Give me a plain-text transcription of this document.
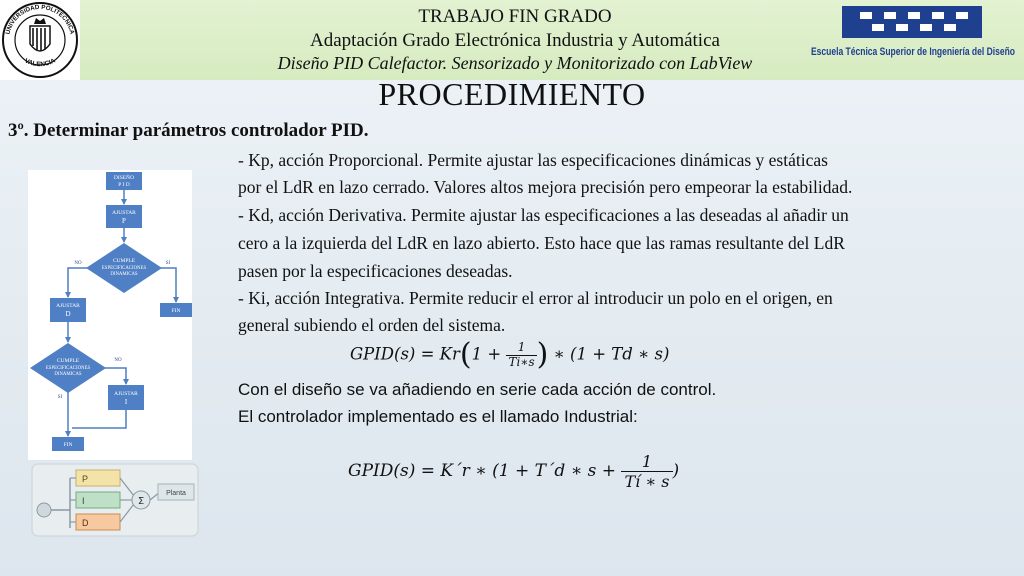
UNIVERSIDAD POLITECNICA
VALENCIA
TRABAJO FIN GRADO
Adaptación Grado Electrónica Industria y Automática
Diseño PID Calefactor. Sensorizado y Monitorizado con LabView
Escuela Técnica Superior de Ingeniería del Diseño
PROCEDIMIENTO
3º. Determinar parámetros controlador PID.
- Kp, acción Proporcional. Permite ajustar las especificaciones dinámicas y estáticas
por el LdR en lazo cerrado. Valores altos mejora precisión pero empeorar la estabilidad.
- Kd, acción Derivativa. Permite ajustar las especificaciones a las deseadas al añadir un
cero a la izquierda del LdR en lazo abierto. Esto hace que las ramas resultante del LdR
pasen por la especificaciones deseadas.
- Ki, acción Integrativa. Permite reducir el error al introducir un polo en el origen, en
general subiendo el orden del sistema.
𝐺𝑃𝐼𝐷(𝑠) = 𝐾𝑟(1 + $\frac{1}{\text{𝑇𝑖∗𝑠}}$ ) ∗ (1 + 𝑇𝑑 ∗ 𝑠)
Con el diseño se va añadiendo en serie cada acción de control.
El controlador implementado es el llamado Industrial:
𝐺𝑃𝐼𝐷(𝑠) = 𝐾´𝑟 ∗ (1 + 𝑇´𝑑 ∗ 𝑠 + $\frac{1}{\text{𝑇í ∗ 𝑠}}$ )
DISEÑO
P I D
AJUSTAR
P
CUMPLE
ESPECIFICACIONES
DINAMICAS
NO	SI
AJUSTAR
D	FIN
CUMPLE
ESPECIFICACIONES
DINAMICAS
NO
SI
AJUSTAR
I
FIN
P
I
D
Σ
Planta
